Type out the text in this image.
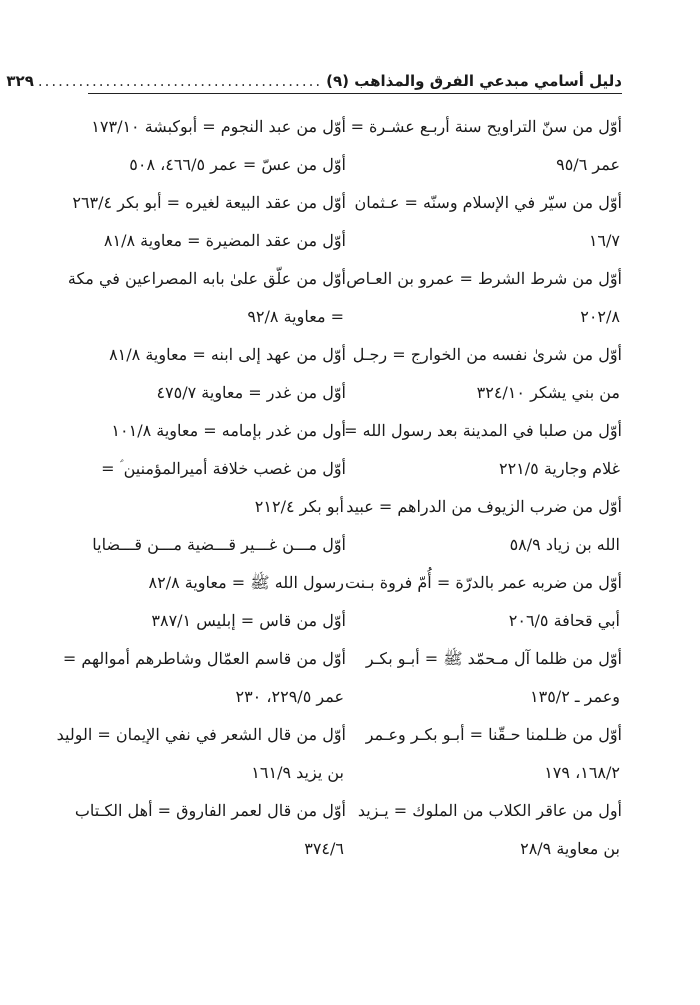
دليل أسامي مبدعي الفرق والمذاهب (٩)
..........................................
٣٢٩
أوّل من سنّ التراويح سنة أربـع عشـرة =
عمر ٩٥/٦
أوّل من سيّر في الإسلام وسنّه = عـثمان
١٦/٧
أوّل من شرط الشرط = عمرو بن العـاص
٢٠٢/٨
أوّل من شرىٰ نفسه من الخوارج = رجـل
من بني يشكر ٣٢٤/١٠
أوّل من صلبا في المدينة بعد رسول الله =
غلام وجارية ٢٢١/٥
أوّل من ضرب الزيوف من الدراهم = عبيد
الله بن زياد ٥٨/٩
أوّل من ضربه عمر بالدرّة = أُمّ فروة بـنت
أبي قحافة ٢٠٦/٥
أوّل من ظلما آل مـحمّد ﷺ = أبـو بكـر
وعمر ـ ١٣٥/٢
أوّل من ظـلمنا حـقّنا = أبـو بكـر وعـمر
١٦٨/٢، ١٧٩
أول من عاقر الكلاب من الملوك = يـزيد
بن معاوية ٢٨/٩
أوّل من عبد النجوم = أبوكبشة ١٧٣/١٠
أوّل من عسّ = عمر ٤٦٦/٥، ٥٠٨
أوّل من عقد البيعة لغيره = أبو بكر ٢٦٣/٤
أوّل من عقد المضيرة = معاوية ٨١/٨
أوّل من علّق علىٰ بابه المصراعين في مكة
= معاوية ٩٢/٨
أوّل من عهد إلى ابنه = معاوية ٨١/٨
أوّل من غدر = معاوية ٤٧٥/٧
أول من غدر بإمامه = معاوية ١٠١/٨
أوّل من غصب خلافة أميرالمؤمنين ؑ =
أبو بكر ٢١٢/٤
أوّل مـــن غـــير قـــضية مـــن قـــضايا
رسول الله ﷺ = معاوية ٨٢/٨
أوّل من قاس = إبليس ٣٨٧/١
أوّل من قاسم العمّال وشاطرهم أموالهم =
عمر ٢٢٩/٥، ٢٣٠
أوّل من قال الشعر في نفي الإيمان = الوليد
بن يزيد ١٦١/٩
أوّل من قال لعمر الفاروق = أهل الكـتاب
٣٧٤/٦
